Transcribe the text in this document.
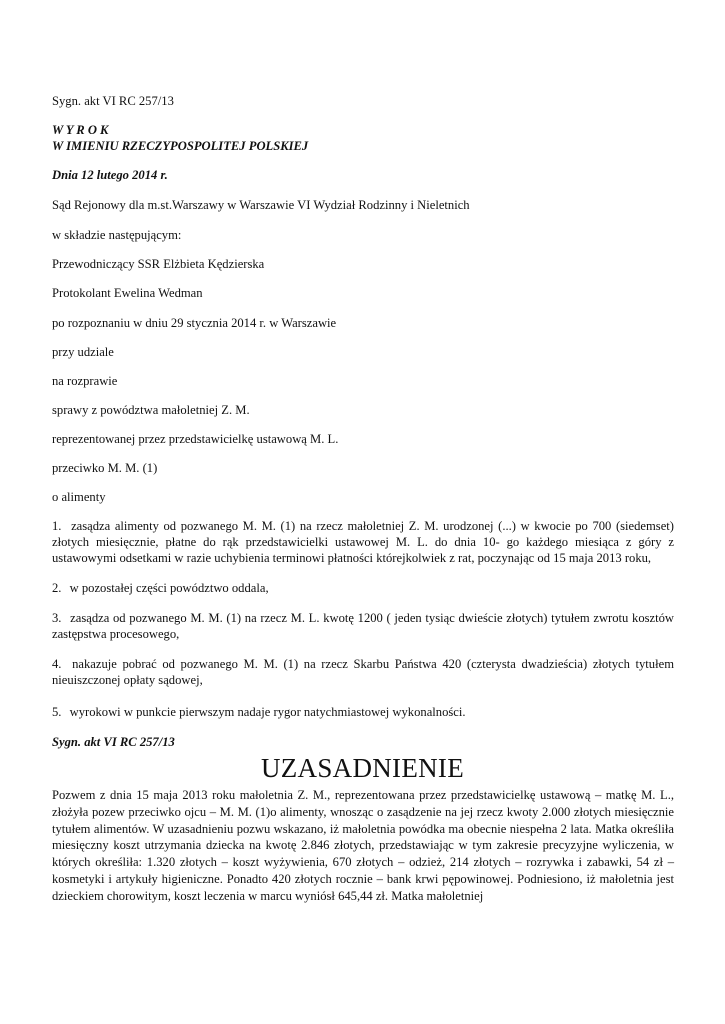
Sygn. akt VI RC 257/13
W Y R O K
W IMIENIU RZECZYPOSPOLITEJ POLSKIEJ
Dnia 12 lutego 2014 r.
Sąd Rejonowy dla m.st.Warszawy w Warszawie VI Wydział Rodzinny i Nieletnich
w składzie następującym:
Przewodniczący SSR Elżbieta Kędzierska
Protokolant Ewelina Wedman
po rozpoznaniu w dniu 29 stycznia 2014 r. w Warszawie
przy udziale
na rozprawie
sprawy z powództwa małoletniej Z. M.
reprezentowanej przez przedstawicielkę ustawową M. L.
przeciwko M. M. (1)
o alimenty
1. zasądza alimenty od pozwanego M. M. (1) na rzecz małoletniej Z. M. urodzonej (...) w kwocie po 700 (siedemset) złotych miesięcznie, płatne do rąk przedstawicielki ustawowej M. L. do dnia 10- go każdego miesiąca z góry z ustawowymi odsetkami w razie uchybienia terminowi płatności którejkolwiek z rat, poczynając od 15 maja 2013 roku,
2. w pozostałej części powództwo oddala,
3. zasądza od pozwanego M. M. (1) na rzecz M. L. kwotę 1200 ( jeden tysiąc dwieście złotych) tytułem zwrotu kosztów zastępstwa procesowego,
4. nakazuje pobrać od pozwanego M. M. (1) na rzecz Skarbu Państwa 420 (czterysta dwadzieścia) złotych tytułem nieuiszczonej opłaty sądowej,
5. wyrokowi w punkcie pierwszym nadaje rygor natychmiastowej wykonalności.
Sygn. akt VI RC 257/13
UZASADNIENIE
Pozwem z dnia 15 maja 2013 roku małoletnia Z. M., reprezentowana przez przedstawicielkę ustawową – matkę M. L., złożyła pozew przeciwko ojcu – M. M. (1)o alimenty, wnosząc o zasądzenie na jej rzecz kwoty 2.000 złotych miesięcznie tytułem alimentów. W uzasadnieniu pozwu wskazano, iż małoletnia powódka ma obecnie niespełna 2 lata. Matka określiła miesięczny koszt utrzymania dziecka na kwotę 2.846 złotych, przedstawiając w tym zakresie precyzyjne wyliczenia, w których określiła: 1.320 złotych – koszt wyżywienia, 670 złotych – odzież, 214 złotych – rozrywka i zabawki, 54 zł – kosmetyki i artykuły higieniczne. Ponadto 420 złotych rocznie – bank krwi pępowinowej. Podniesiono, iż małoletnia jest dzieckiem chorowitym, koszt leczenia w marcu wyniósł 645,44 zł. Matka małoletniej
